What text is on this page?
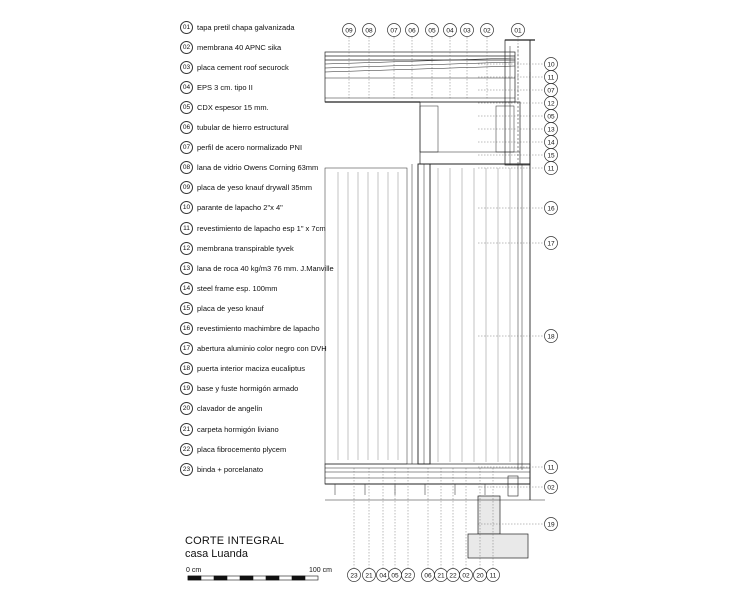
01 tapa pretil chapa galvanizada
02 membrana 40 APNC sika
03 placa cement roof securock
04 EPS 3 cm. tipo II
05 CDX espesor 15 mm.
06 tubular de hierro estructural
07 perfil de acero normalizado PNI
08 lana de vidrio Owens Corning 63mm
09 placa de yeso knauf drywall 35mm
10 parante de lapacho 2"x 4"
11 revestimiento de lapacho esp 1" x 7cm
12 membrana transpirable tyvek
13 lana de roca 40 kg/m3 76 mm. J.Manville
14 steel frame esp. 100mm
15 placa de yeso knauf
16 revestimiento machimbre de lapacho
17 abertura aluminio color negro con DVH
18 puerta interior maciza eucaliptus
19 base y fuste hormigón armado
20 clavador de angelín
21 carpeta hormigón liviano
22 placa fibrocemento plycem
23 binda + porcelanato
09 08	07 06 05 04 03 02	01
10
11
07
12
05
13
14
15
11
16
17
18
11
02
19
23 21 04 05 22 06 21 22 02 20 11
0 cm	100 cm
CORTE INTEGRAL
casa Luanda
